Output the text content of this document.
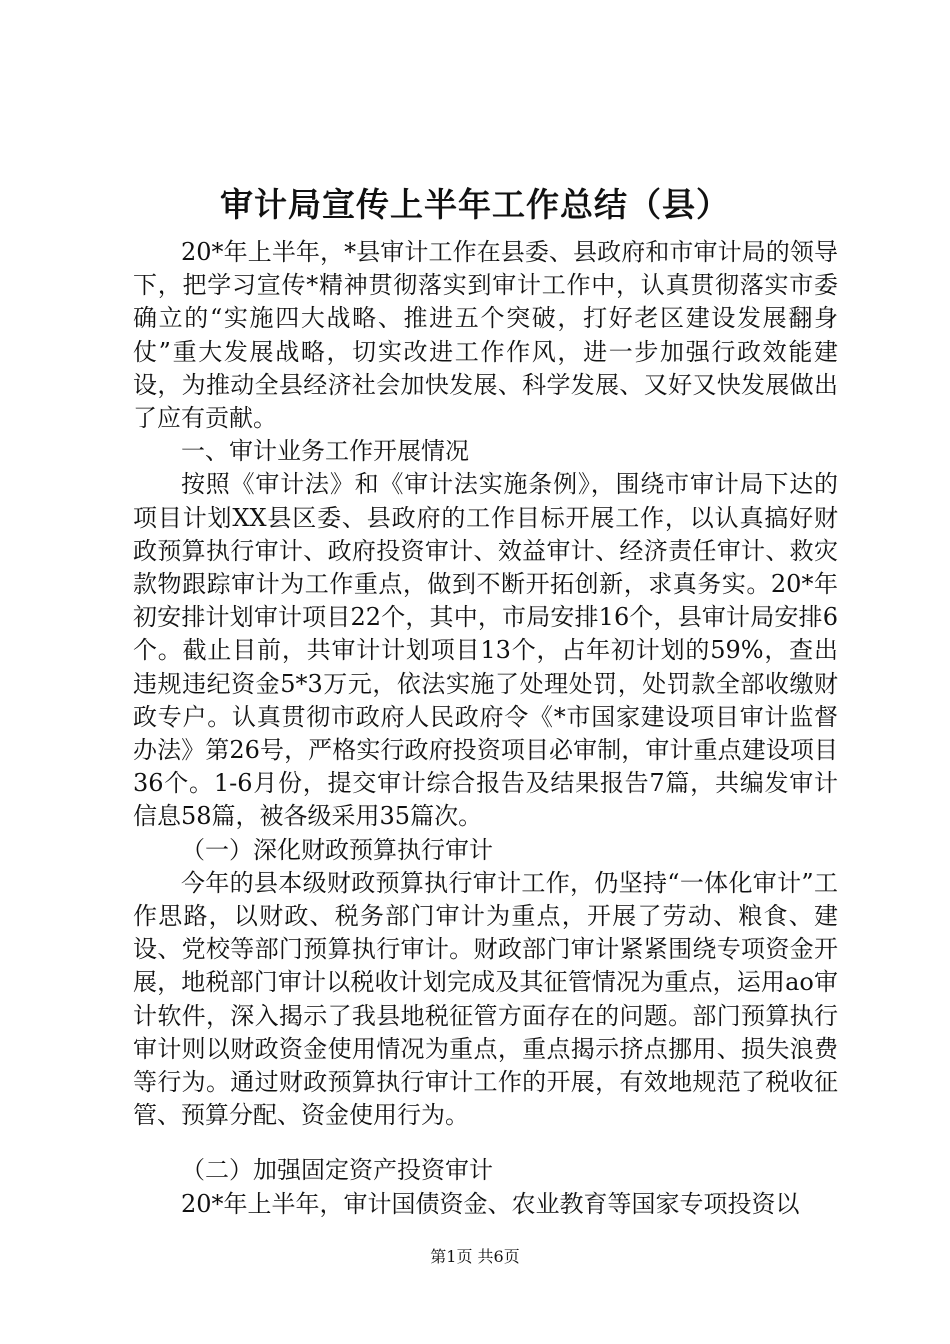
审计局宣传上半年工作总结（县）

20*年上半年，*县审计工作在县委、县政府和市审计局的领导下，把学习宣传*精神贯彻落实到审计工作中，认真贯彻落实市委确立的“实施四大战略、推进五个突破，打好老区建设发展翻身仗”重大发展战略，切实改进工作作风，进一步加强行政效能建设，为推动全县经济社会加快发展、科学发展、又好又快发展做出了应有贡献。

一、审计业务工作开展情况

按照《审计法》和《审计法实施条例》，围绕市审计局下达的项目计划XX县区委、县政府的工作目标开展工作，以认真搞好财政预算执行审计、政府投资审计、效益审计、经济责任审计、救灾款物跟踪审计为工作重点，做到不断开拓创新，求真务实。20*年初安排计划审计项目22个，其中，市局安排16个，县审计局安排6个。截止目前，共审计计划项目13个，占年初计划的59%，查出违规违纪资金5*3万元，依法实施了处理处罚，处罚款全部收缴财政专户。认真贯彻市政府人民政府令《*市国家建设项目审计监督办法》第26号，严格实行政府投资项目必审制，审计重点建设项目36个。1-6月份，提交审计综合报告及结果报告7篇，共编发审计信息58篇，被各级采用35篇次。

（一）深化财政预算执行审计

今年的县本级财政预算执行审计工作，仍坚持“一体化审计”工作思路，以财政、税务部门审计为重点，开展了劳动、粮食、建设、党校等部门预算执行审计。财政部门审计紧紧围绕专项资金开展，地税部门审计以税收计划完成及其征管情况为重点，运用ao审计软件，深入揭示了我县地税征管方面存在的问题。部门预算执行审计则以财政资金使用情况为重点，重点揭示挤点挪用、损失浪费等行为。通过财政预算执行审计工作的开展，有效地规范了税收征管、预算分配、资金使用行为。

（二）加强固定资产投资审计

20*年上半年，审计国债资金、农业教育等国家专项投资以

第1页 共6页
